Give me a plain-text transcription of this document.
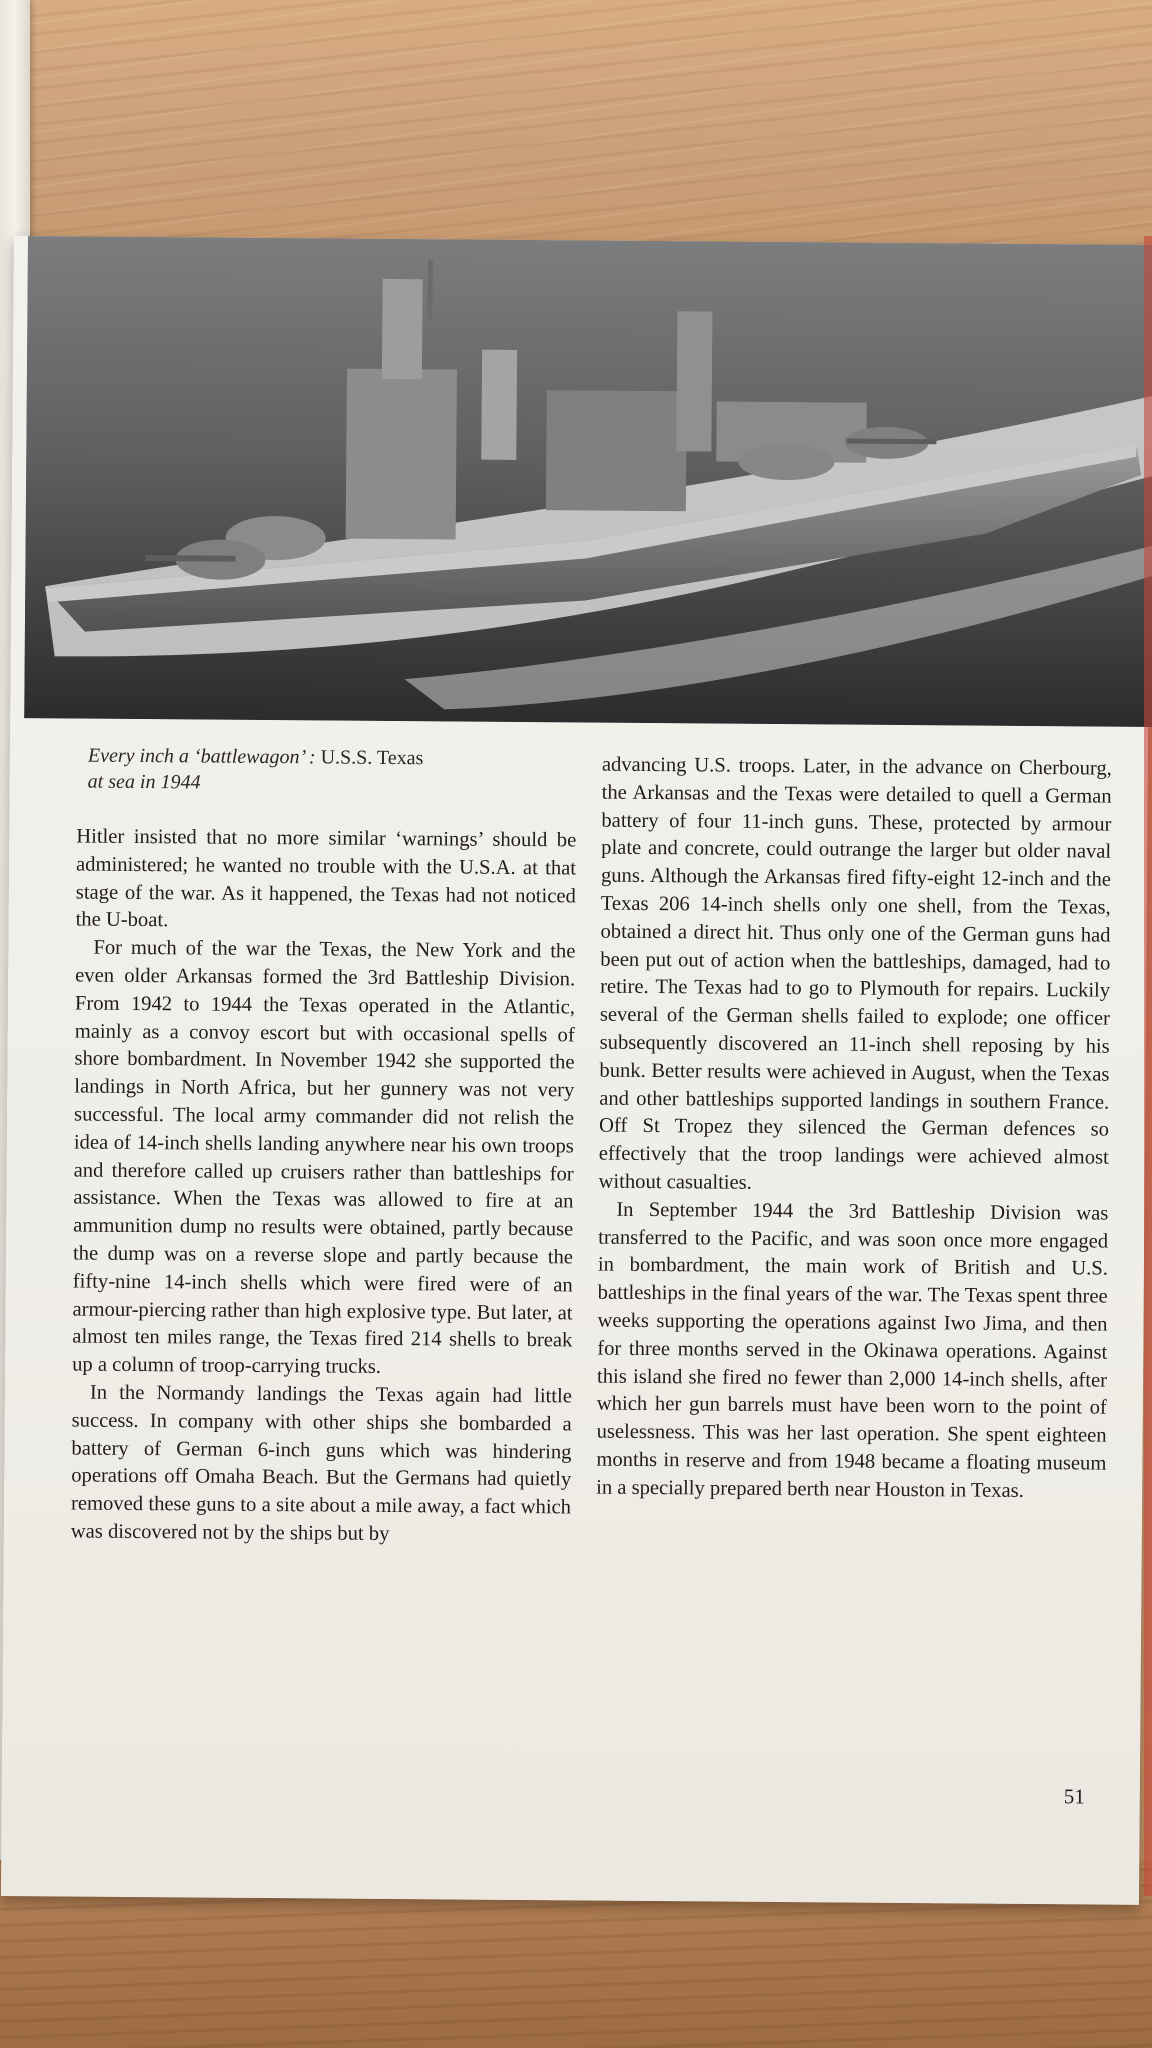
Every inch a ‘battlewagon’ : U.S.S. Texas
at sea in 1944

Hitler insisted that no more similar ‘warnings’ should be administered; he wanted no trouble with the U.S.A. at that stage of the war. As it happened, the Texas had not noticed the U-boat.

For much of the war the Texas, the New York and the even older Arkansas formed the 3rd Battleship Division. From 1942 to 1944 the Texas operated in the Atlantic, mainly as a convoy escort but with occasional spells of shore bombardment. In November 1942 she supported the landings in North Africa, but her gunnery was not very successful. The local army commander did not relish the idea of 14-inch shells landing anywhere near his own troops and therefore called up cruisers rather than battleships for assistance. When the Texas was allowed to fire at an ammunition dump no results were obtained, partly because the dump was on a reverse slope and partly because the fifty-nine 14-inch shells which were fired were of an armour-piercing rather than high explosive type. But later, at almost ten miles range, the Texas fired 214 shells to break up a column of troop-carrying trucks.

In the Normandy landings the Texas again had little success. In company with other ships she bombarded a battery of German 6-inch guns which was hindering operations off Omaha Beach. But the Germans had quietly removed these guns to a site about a mile away, a fact which was discovered not by the ships but by

advancing U.S. troops. Later, in the advance on Cherbourg, the Arkansas and the Texas were detailed to quell a German battery of four 11-inch guns. These, protected by armour plate and concrete, could outrange the larger but older naval guns. Although the Arkansas fired fifty-eight 12-inch and the Texas 206 14-inch shells only one shell, from the Texas, obtained a direct hit. Thus only one of the German guns had been put out of action when the battleships, damaged, had to retire. The Texas had to go to Plymouth for repairs. Luckily several of the German shells failed to explode; one officer subsequently discovered an 11-inch shell reposing by his bunk. Better results were achieved in August, when the Texas and other battleships supported landings in southern France. Off St Tropez they silenced the German defences so effectively that the troop landings were achieved almost without casualties.

In September 1944 the 3rd Battleship Division was transferred to the Pacific, and was soon once more engaged in bombardment, the main work of British and U.S. battleships in the final years of the war. The Texas spent three weeks supporting the operations against Iwo Jima, and then for three months served in the Okinawa operations. Against this island she fired no fewer than 2,000 14-inch shells, after which her gun barrels must have been worn to the point of uselessness. This was her last operation. She spent eighteen months in reserve and from 1948 became a floating museum in a specially prepared berth near Houston in Texas.

51
